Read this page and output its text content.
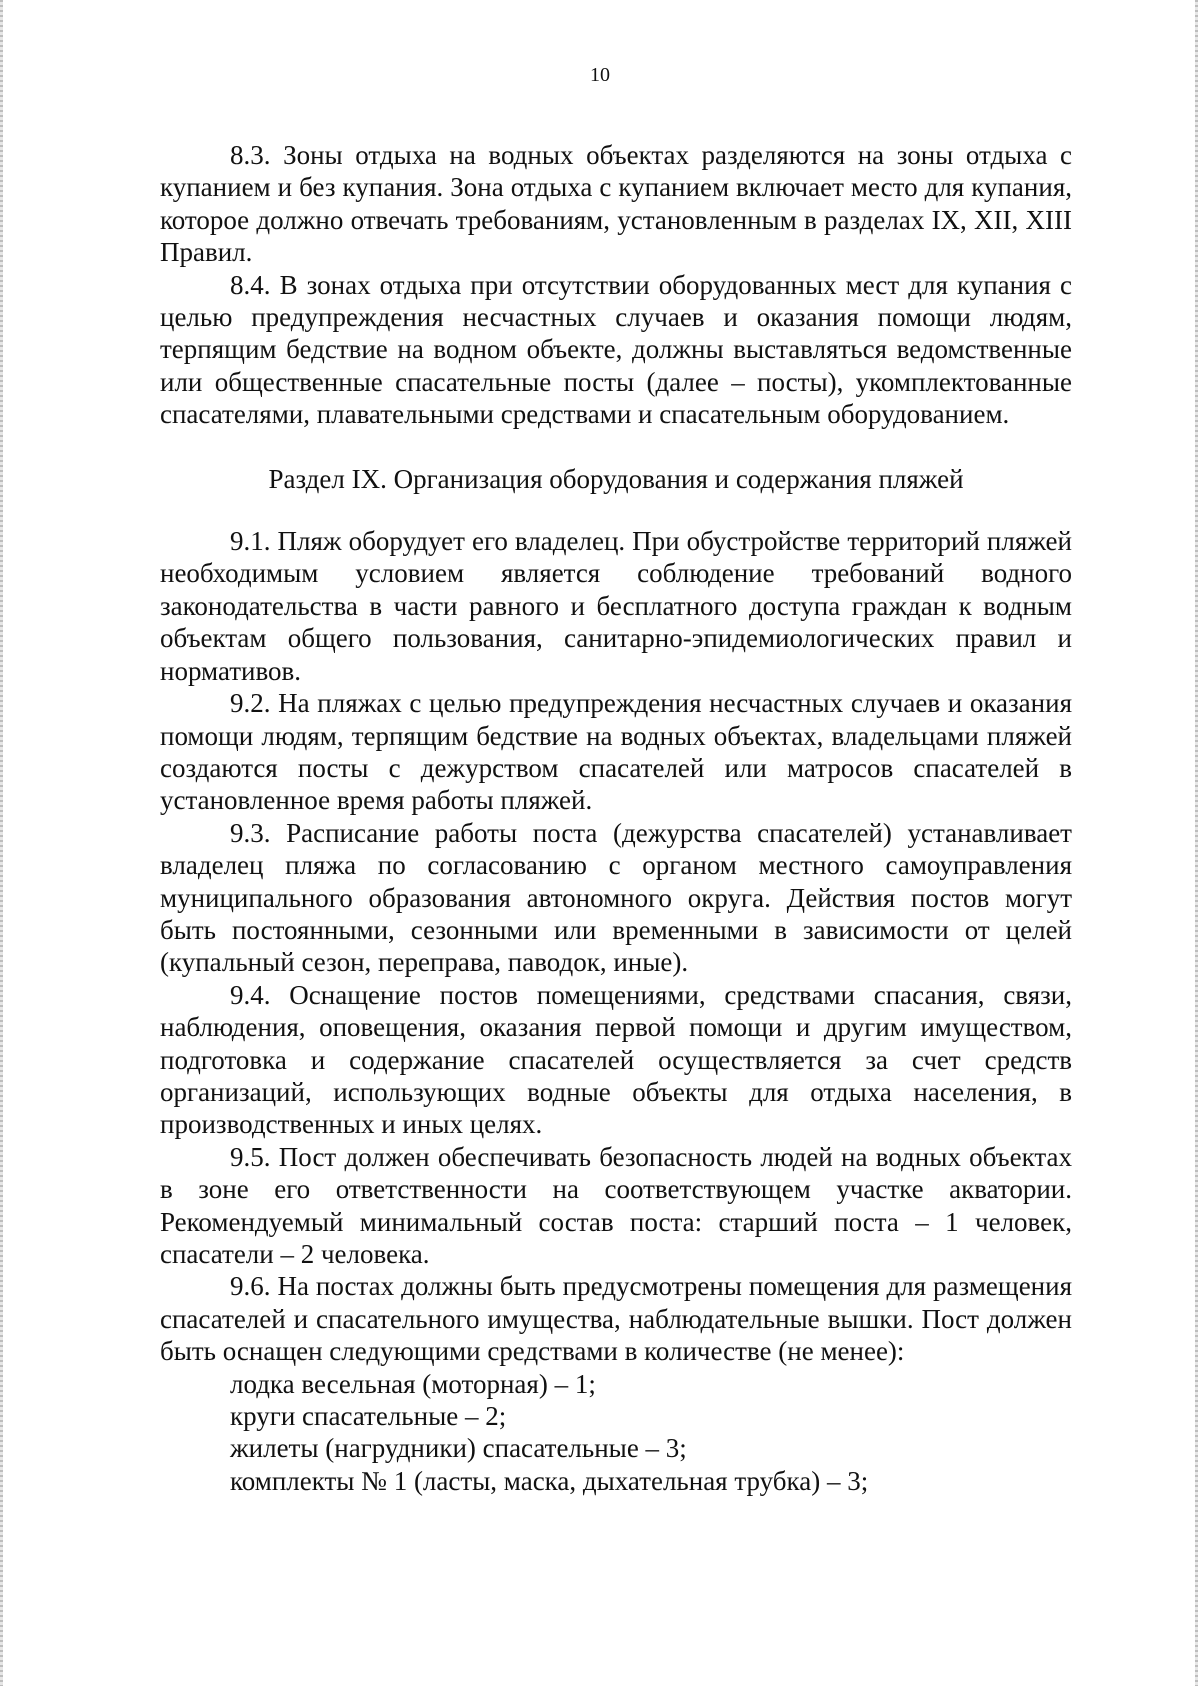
10

8.3. Зоны отдыха на водных объектах разделяются на зоны отдыха с купанием и без купания. Зона отдыха с купанием включает место для купания, которое должно отвечать требованиям, установленным в разделах IX, XII, XIII Правил.

8.4. В зонах отдыха при отсутствии оборудованных мест для купания с целью предупреждения несчастных случаев и оказания помощи людям, терпящим бедствие на водном объекте, должны выставляться ведомственные или общественные спасательные посты (далее – посты), укомплектованные спасателями, плавательными средствами и спасательным оборудованием.

Раздел IX. Организация оборудования и содержания пляжей

9.1. Пляж оборудует его владелец. При обустройстве территорий пляжей необходимым условием является соблюдение требований водного законодательства в части равного и бесплатного доступа граждан к водным объектам общего пользования, санитарно-эпидемиологических правил и нормативов.

9.2. На пляжах с целью предупреждения несчастных случаев и оказания помощи людям, терпящим бедствие на водных объектах, владельцами пляжей создаются посты с дежурством спасателей или матросов спасателей в установленное время работы пляжей.

9.3. Расписание работы поста (дежурства спасателей) устанавливает владелец пляжа по согласованию с органом местного самоуправления муниципального образования автономного округа. Действия постов могут быть постоянными, сезонными или временными в зависимости от целей (купальный сезон, переправа, паводок, иные).

9.4. Оснащение постов помещениями, средствами спасания, связи, наблюдения, оповещения, оказания первой помощи и другим имуществом, подготовка и содержание спасателей осуществляется за счет средств организаций, использующих водные объекты для отдыха населения, в производственных и иных целях.

9.5. Пост должен обеспечивать безопасность людей на водных объектах в зоне его ответственности на соответствующем участке акватории. Рекомендуемый минимальный состав поста: старший поста – 1 человек, спасатели – 2 человека.

9.6. На постах должны быть предусмотрены помещения для размещения спасателей и спасательного имущества, наблюдательные вышки. Пост должен быть оснащен следующими средствами в количестве (не менее):

лодка весельная (моторная) – 1;

круги спасательные – 2;

жилеты (нагрудники) спасательные – 3;

комплекты № 1 (ласты, маска, дыхательная трубка) – 3;
